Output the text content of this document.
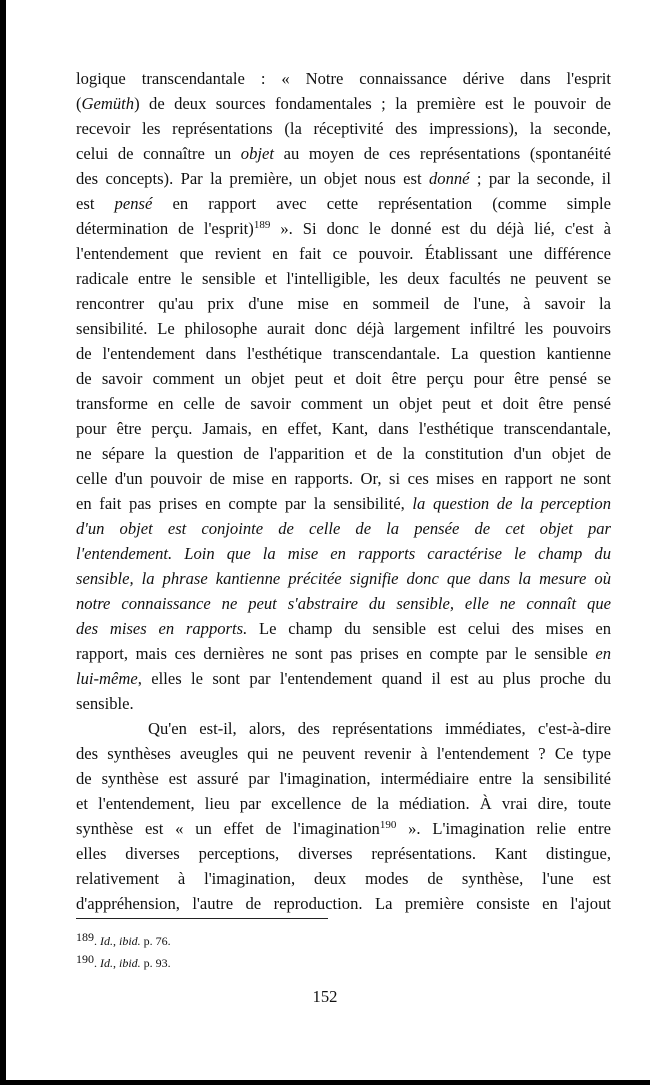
logique transcendantale : « Notre connaissance dérive dans l'esprit
(Gemüth) de deux sources fondamentales ; la première est le pouvoir de
recevoir les représentations (la réceptivité des impressions), la seconde,
celui de connaître un objet au moyen de ces représentations (spontanéité
des concepts). Par la première, un objet nous est donné ; par la seconde, il
est pensé en rapport avec cette représentation (comme simple
détermination de l'esprit)$^{189}$ ». Si donc le donné est du déjà lié, c'est à
l'entendement que revient en fait ce pouvoir. Établissant une différence
radicale entre le sensible et l'intelligible, les deux facultés ne peuvent se
rencontrer qu'au prix d'une mise en sommeil de l'une, à savoir la
sensibilité. Le philosophe aurait donc déjà largement infiltré les pouvoirs
de l'entendement dans l'esthétique transcendantale. La question kantienne
de savoir comment un objet peut et doit être perçu pour être pensé se
transforme en celle de savoir comment un objet peut et doit être pensé
pour être perçu. Jamais, en effet, Kant, dans l'esthétique transcendantale,
ne sépare la question de l'apparition et de la constitution d'un objet de
celle d'un pouvoir de mise en rapports. Or, si ces mises en rapport ne sont
en fait pas prises en compte par la sensibilité, la question de la perception
d'un objet est conjointe de celle de la pensée de cet objet par
l'entendement. Loin que la mise en rapports caractérise le champ du
sensible, la phrase kantienne précitée signifie donc que dans la mesure où
notre connaissance ne peut s'abstraire du sensible, elle ne connaît que
des mises en rapports. Le champ du sensible est celui des mises en
rapport, mais ces dernières ne sont pas prises en compte par le sensible en
lui-même, elles le sont par l'entendement quand il est au plus proche du
sensible.
Qu'en est-il, alors, des représentations immédiates, c'est-à-dire
des synthèses aveugles qui ne peuvent revenir à l'entendement ? Ce type
de synthèse est assuré par l'imagination, intermédiaire entre la sensibilité
et l'entendement, lieu par excellence de la médiation. À vrai dire, toute
synthèse est « un effet de l'imagination$^{190}$ ». L'imagination relie entre
elles diverses perceptions, diverses représentations. Kant distingue,
relativement à l'imagination, deux modes de synthèse, l'une est
d'appréhension, l'autre de reproduction. La première consiste en l'ajout
$^{189}$. Id., ibid. p. 76.
$^{190}$. Id., ibid. p. 93.
152
